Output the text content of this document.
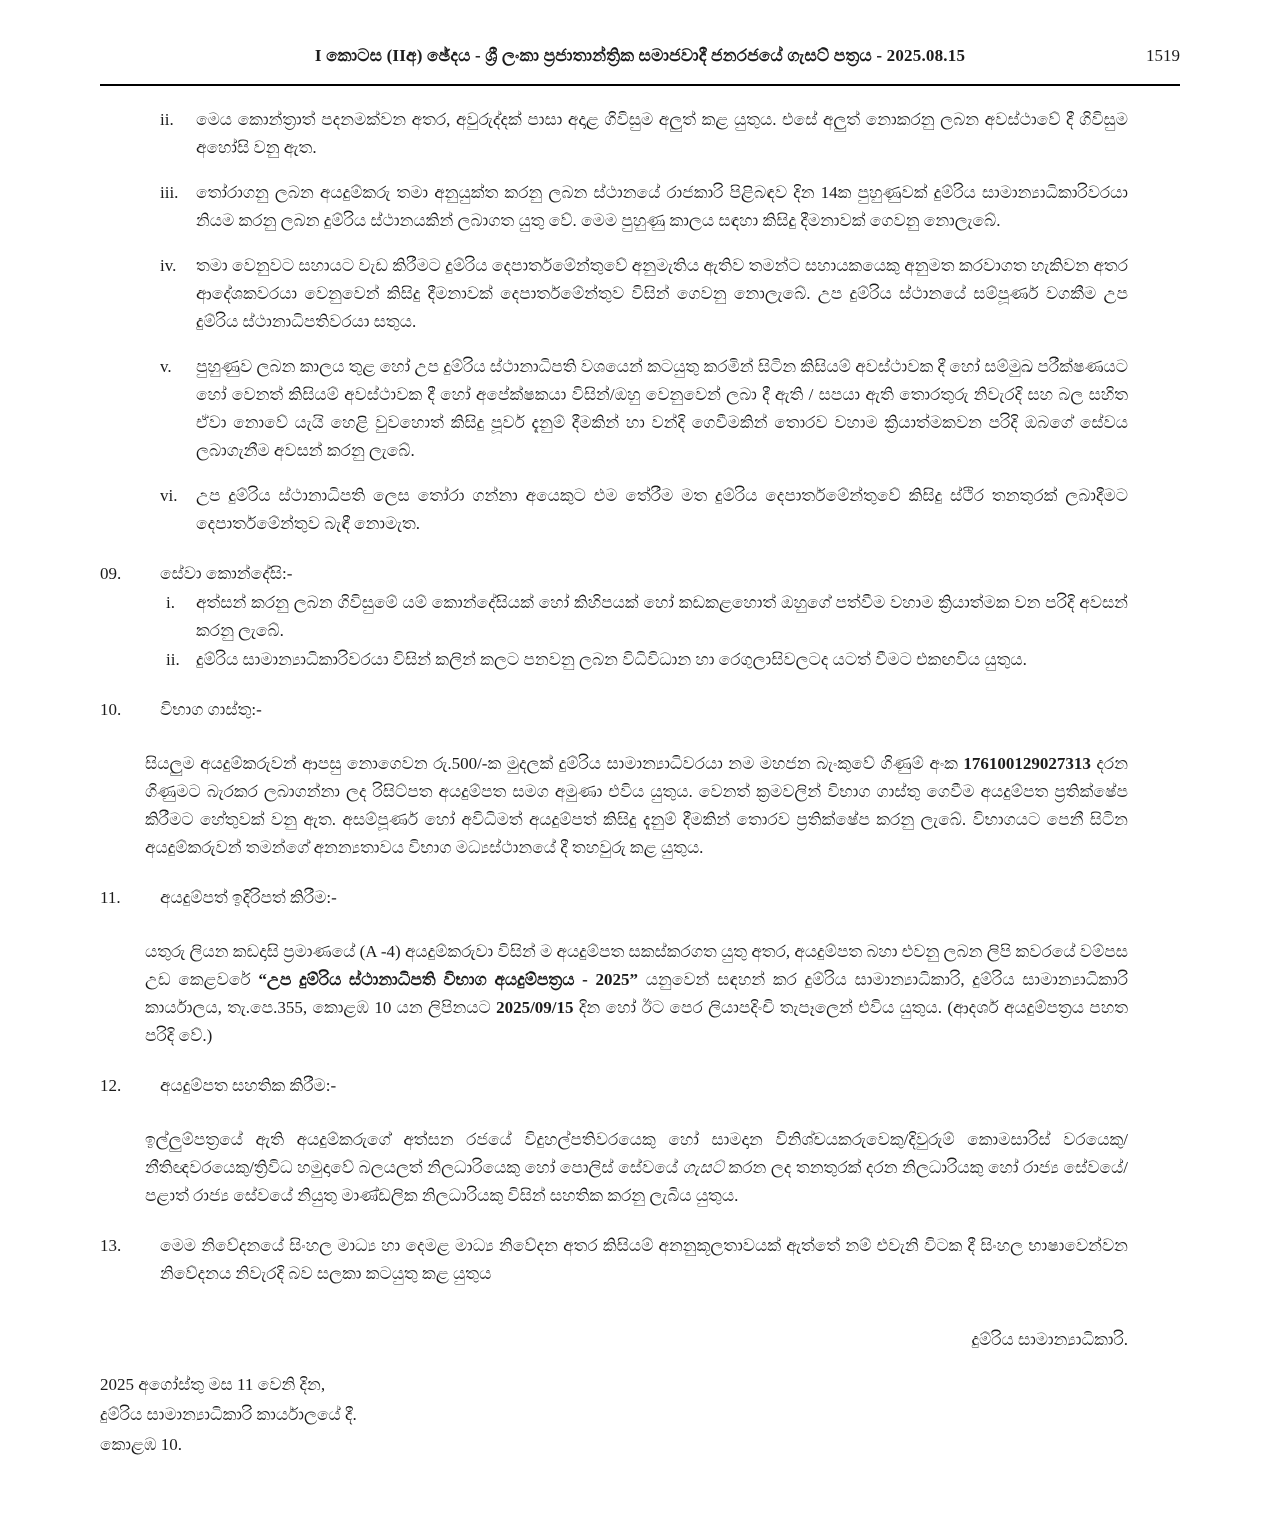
I කොටස (IIඅ) ඡේදය - ශ්‍රී ලංකා ප්‍රජාතාන්ත්‍රික සමාජවාදී ජනරජයේ ගැසට් පත්‍රය - 2025.08.15	1519
ii.	මෙය කොන්ත්‍රාත් පදනමක්වන අතර, අවුරුද්දක් පාසා අදාළ ගිවිසුම අලුත් කළ යුතුය. එසේ අලුත් නොකරනු ලබන අවස්ථාවේ දී ගිවිසුම අහෝසි වනු ඇත.
iii.	තෝරාගනු ලබන අයදුම්කරු තමා අනුයුක්ත කරනු ලබන ස්ථානයේ රාජකාරි පිළිබඳව දින 14ක පුහුණුවක් දුම්රිය සාමාන්‍යාධිකාරිවරයා නියම කරනු ලබන දුම්රිය ස්ථානයකින් ලබාගත යුතු වේ. මෙම පුහුණු කාලය සඳහා කිසිදු දීමනාවක් ගෙවනු නොලැබේ.
iv.	තමා වෙනුවට සහායට වැඩ කිරීමට දුම්රිය දෙපාර්තමේන්තුවේ අනුමැතිය ඇතිව තමන්ට සහායකයෙකු අනුමත කරවාගත හැකිවන අතර ආදේශකවරයා වෙනුවෙන් කිසිදු දීමනාවක් දෙපාර්තමේන්තුව විසින් ගෙවනු නොලැබේ. උප දුම්රිය ස්ථානයේ සම්පූර්ණ වගකීම උප දුම්රිය ස්ථානාධිපතිවරයා සතුය.
v.	පුහුණුව ලබන කාලය තුළ හෝ උප දුම්රිය ස්ථානාධිපති වශයෙන් කටයුතු කරමින් සිටින කිසියම් අවස්ථාවක දී හෝ සම්මුඛ පරීක්ෂණයට හෝ වෙනත් කිසියම් අවස්ථාවක දී හෝ අපේක්ෂකයා විසින්/ඔහු වෙනුවෙන් ලබා දී ඇති / සපයා ඇති තොරතුරු නිවැරදි සහ බල සහිත ඒවා නොවේ යැයි හෙළි වුවහොත් කිසිදු පූර්ව දැනුම් දීමකින් හා වන්දි ගෙවීමකින් තොරව වහාම ක්‍රියාත්මකවන පරිදි ඔබගේ සේවය ලබාගැනීම අවසන් කරනු ලැබේ.
vi.	උප දුම්රිය ස්ථානාධිපති ලෙස තෝරා ගන්නා අයෙකුට එම තේරීම මත දුම්රිය දෙපාර්තමේන්තුවේ කිසිදු ස්ථිර තනතුරක් ලබාදීමට දෙපාර්තමේන්තුව බැඳී නොමැත.
09.	සේවා කොන්දේසි:-
i.	අත්සන් කරනු ලබන ගිවිසුමේ යම් කොන්දේසියක් හෝ කිහිපයක් හෝ කඩකළහොත් ඔහුගේ පත්වීම වහාම ක්‍රියාත්මක වන පරිදි අවසන් කරනු ලැබේ.
ii. දුම්රිය සාමාන්‍යාධිකාරිවරයා විසින් කලින් කලට පනවනු ලබන විධිවිධාන හා රෙගුලාසිවලටද යටත් වීමට එකඟවිය යුතුය.
10.	විභාග ගාස්තු:-

සියලුම අයදුම්කරුවන් ආපසු නොගෙවන රු.500/-ක මුදලක් දුම්රිය සාමාන්‍යාධිවරයා නම මහජන බැංකුවේ ගිණුම් අංක 176100129027313 දරන ගිණුමට බැරකර ලබාගන්නා ලද රිසිට්පත අයදුම්පත සමග අමුණා එවිය යුතුය. වෙනත් ක්‍රමවලින් විභාග ගාස්තු ගෙවීම අයදුම්පත ප්‍රතික්ෂේප කිරීමට හේතුවක් වනු ඇත. අසම්පූර්ණ හෝ අවිධිමත් අයදුම්පත් කිසිදු දැනුම් දීමකින් තොරව ප්‍රතික්ෂේප කරනු ලැබේ. විභාගයට පෙනී සිටින අයදුම්කරුවන් තමන්ගේ අනන්‍යතාවය විභාග මධ්‍යස්ථානයේ දී තහවුරු කළ යුතුය.

11.	අයදුම්පත් ඉදිරිපත් කිරීම:-

යතුරු ලියන කඩදාසි ප්‍රමාණයේ (A -4) අයදුම්කරුවා විසින් ම අයදුම්පත සකස්කරගත යුතු අතර, අයදුම්පත බහා එවනු ලබන ලිපි කවරයේ වම්පස උඩ කෙළවරේ “උප දුම්රිය ස්ථානාධිපති විභාග අයදුම්පත්‍රය - 2025” යනුවෙන් සඳහන් කර දුම්රිය සාමාන්‍යාධිකාරි, දුම්රිය සාමාන්‍යාධිකාරි කාර්යාලය, තැ.පෙ.355, කොළඹ 10 යන ලිපිනයට 2025/09/15 දින හෝ ඊට පෙර ලියාපදිංචි තැපෑලෙන් එවිය යුතුය. (ආදර්ශ අයදුම්පත්‍රය පහත පරිදි වේ.)

12.	අයදුම්පත සහතික කිරීම:-

ඉල්ලුම්පත්‍රයේ ඇති අයදුම්කරුගේ අත්සන රජයේ විදුහල්පතිවරයෙකු හෝ සාමදාන විනිශ්චයකරුවෙකු/දිවුරුම් කොමසාරිස් වරයෙකු/නීතිඥවරයෙකු/ත්‍රිවිධ හමුදාවේ බලයලත් නිලධාරියෙකු හෝ පොලිස් සේවයේ ගැසට් කරන ලද තනතුරක් දරන නිලධාරියකු හෝ රාජ්‍ය සේවයේ/පළාත් රාජ්‍ය සේවයේ නියුතු මාණ්ඩලික නිලධාරියකු විසින් සහතික කරනු ලැබිය යුතුය.

13.	මෙම නිවේදනයේ සිංහල මාධ්‍ය හා දෙමළ මාධ්‍ය නිවේදන අතර කිසියම් අනනුකූලතාවයක් ඇත්තේ නම් එවැනි විටක දී සිංහල භාෂාවෙන්වන නිවේදනය නිවැරදි බව සලකා කටයුතු කළ යුතුය
දුම්රිය සාමාන්‍යාධිකාරි.
2025 අගෝස්තු මස 11 වෙනි දින,
දුම්රිය සාමාන්‍යාධිකාරි කාර්යාලයේ දී.
කොළඹ 10.
